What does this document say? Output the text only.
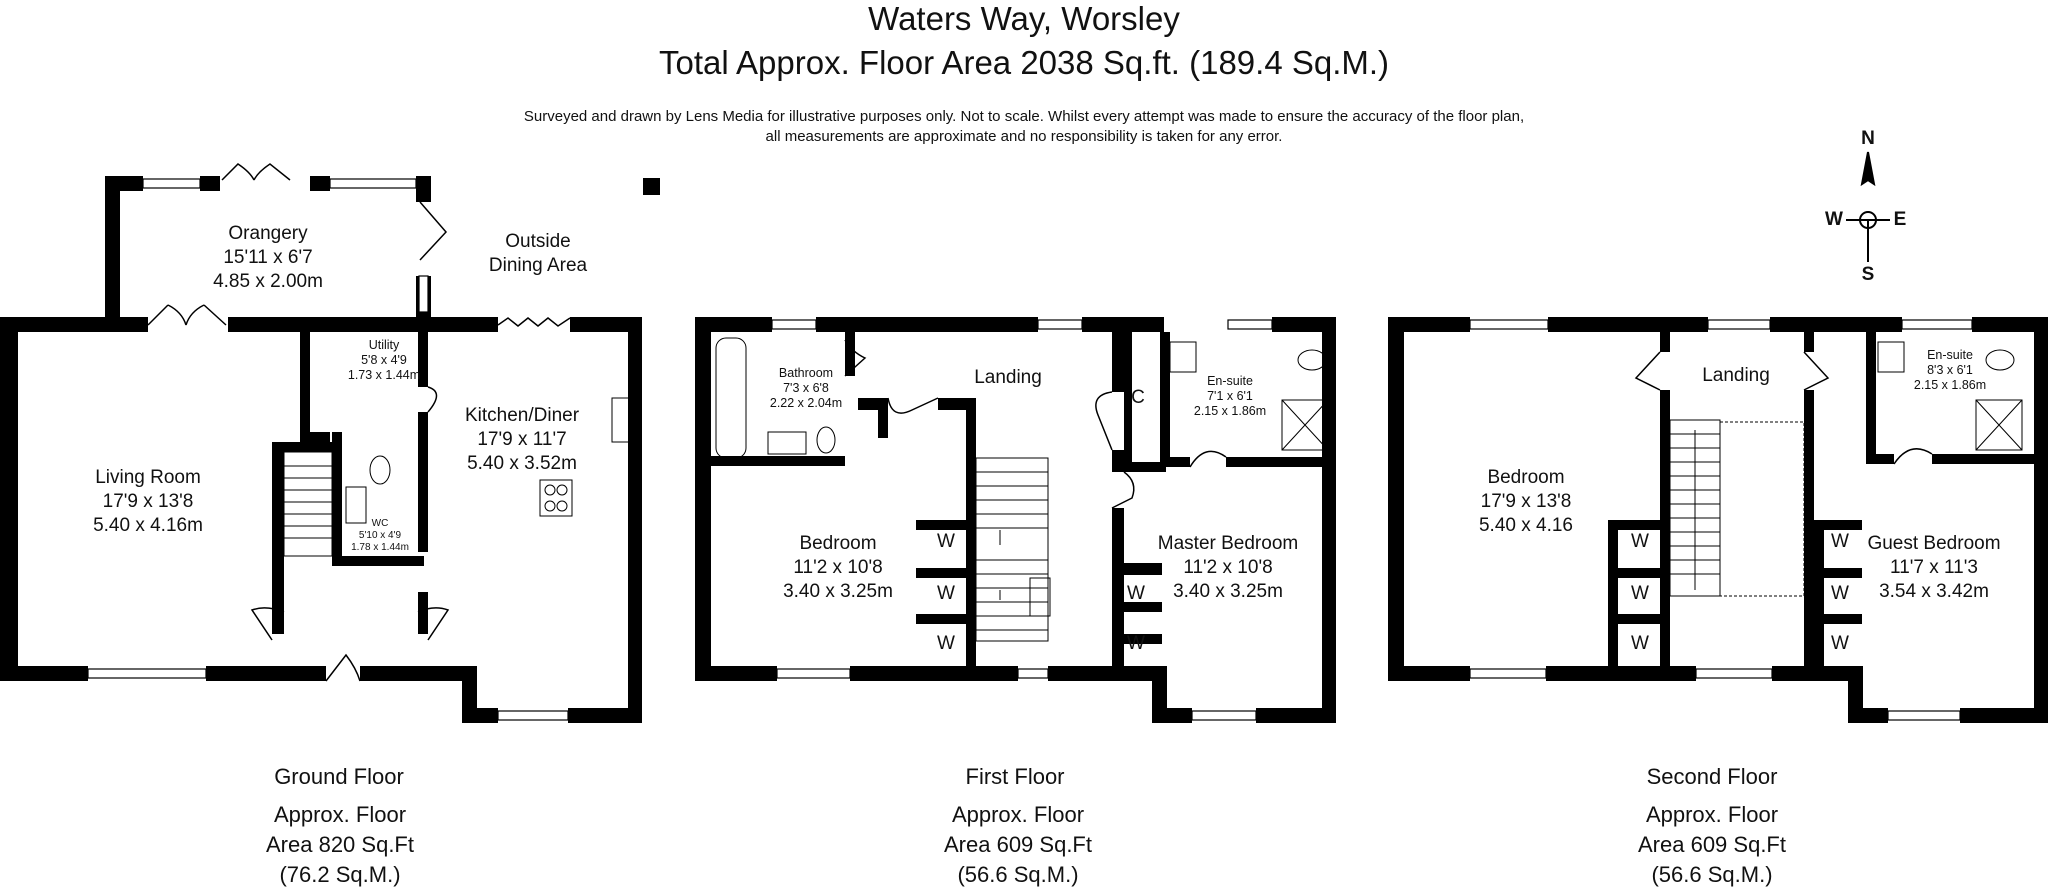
Waters Way, Worsley
Total Approx. Floor Area 2038 Sq.ft. (189.4 Sq.M.)
Surveyed and drawn by Lens Media for illustrative purposes only. Not to scale. Whilst every attempt was made to ensure the accuracy of the floor plan,
all measurements are approximate and no responsibility is taken for any error.	N
S
E
W
Orangery
15'11 x 6'7
4.85 x 2.00m
Outside
Dining Area
Utility
5'8 x 4'9
1.73 x 1.44m
Kitchen/Diner
17'9 x 11'7
5.40 x 3.52m
Living Room
17'9 x 13'8
5.40 x 4.16m	WC
5'10 x 4'9
1.78 x 1.44m
Ground Floor
Approx. Floor
Area 820 Sq.Ft
(76.2 Sq.M.)
Bathroom
7'3 x 6'8
2.22 x 2.04m
Landing
C
En-suite
7'1 x 6'1
2.15 x 1.86m
Bedroom
11'2 x 10'8
3.40 x 3.25m
Master Bedroom
11'2 x 10'8
3.40 x 3.25m
First Floor
Approx. Floor
Area 609 Sq.Ft
(56.6 Sq.M.)
W
W
W
W
W
Landing
En-suite
8'3 x 6'1
2.15 x 1.86m
Bedroom
17'9 x 13'8
5.40 x 4.16
Guest Bedroom
11'7 x 11'3
3.54 x 3.42m
Second Floor
Approx. Floor
Area 609 Sq.Ft
(56.6 Sq.M.)
W
W
W
W
W
W
